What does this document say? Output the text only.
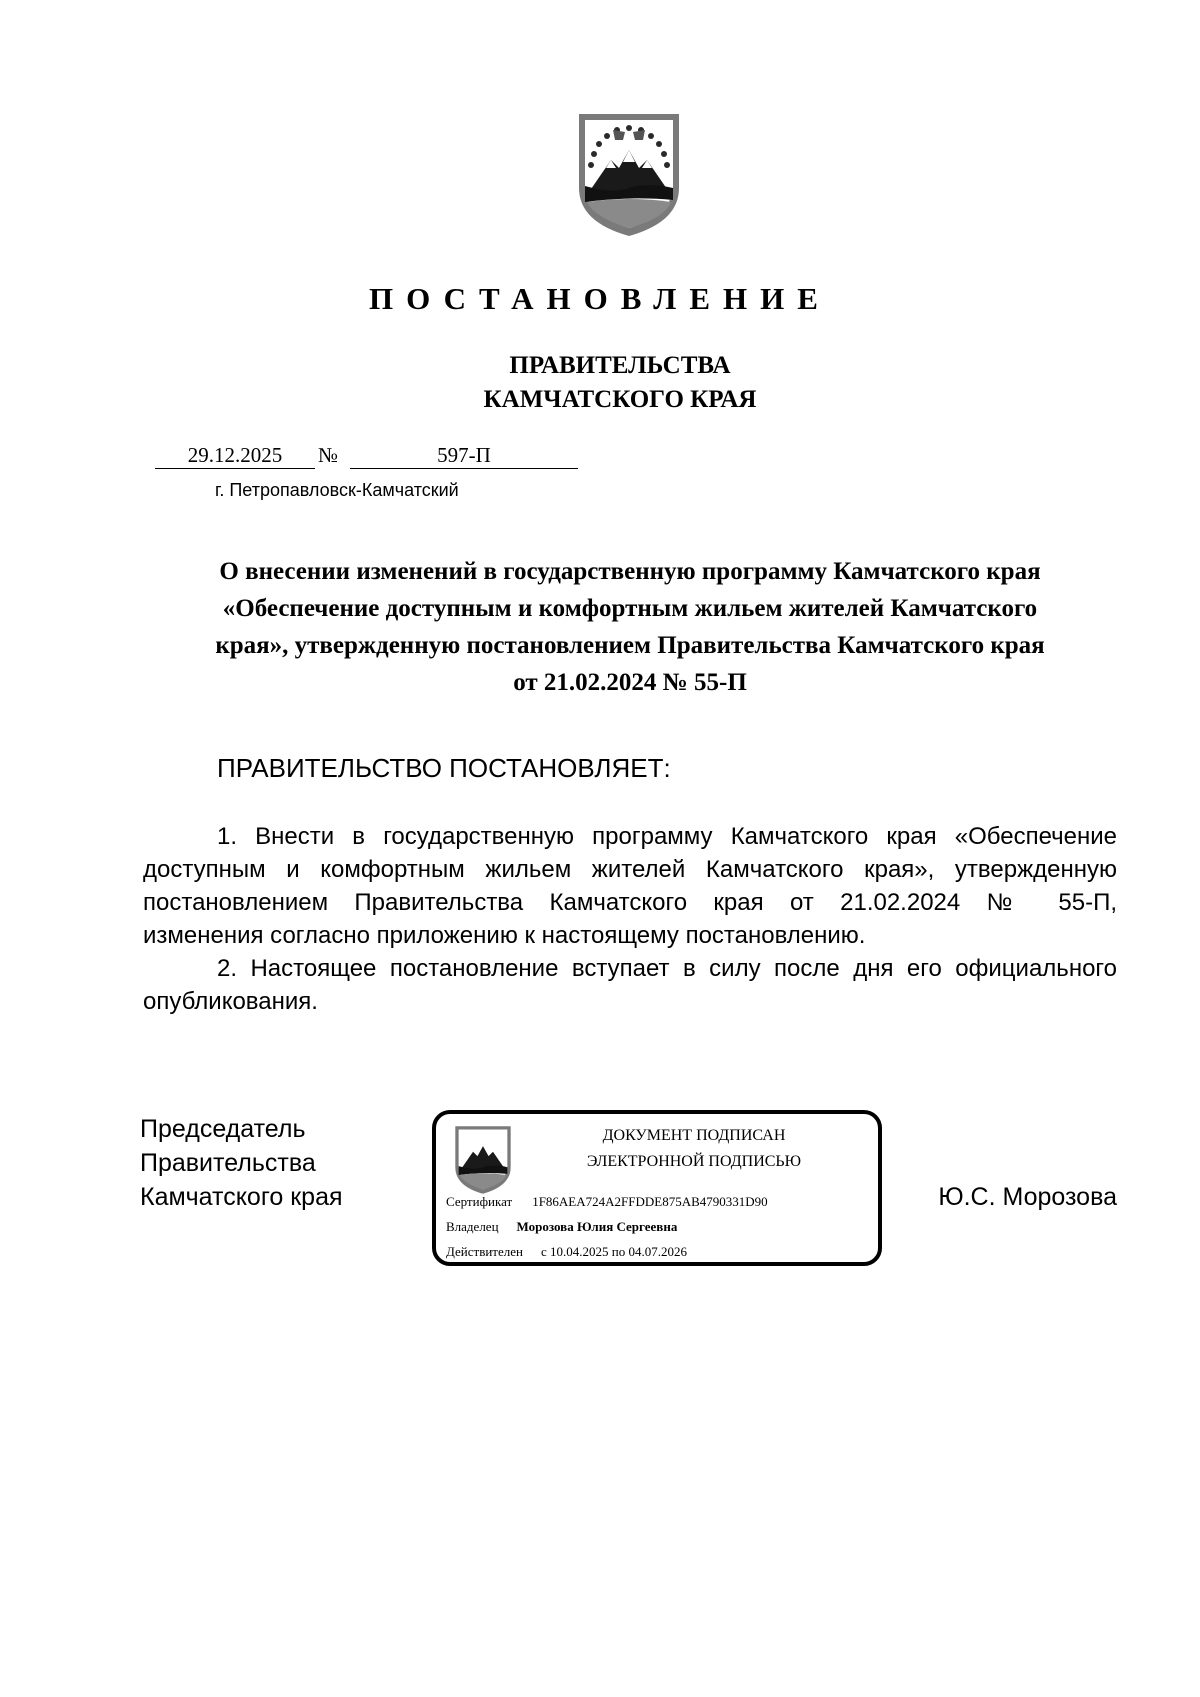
ПОСТАНОВЛЕНИЕ
ПРАВИТЕЛЬСТВА
КАМЧАТСКОГО КРАЯ
29.12.2025	№	597-П
г. Петропавловск-Камчатский
О внесении изменений в государственную программу Камчатского края
«Обеспечение доступным и комфортным жильем жителей Камчатского
края», утвержденную постановлением Правительства Камчатского края
от 21.02.2024 № 55-П
ПРАВИТЕЛЬСТВО ПОСТАНОВЛЯЕТ:

1. Внести в государственную программу Камчатского края «Обеспечение

доступным и комфортным жильем жителей Камчатского края», утвержденную

постановлением Правительства Камчатского края от 21.02.2024 № 55-П,

изменения согласно приложению к настоящему постановлению.

2. Настоящее постановление вступает в силу после дня его официального

опубликования.

Председатель
Правительства
Камчатского края
ДОКУМЕНТ ПОДПИСАН
ЭЛЕКТРОННОЙ ПОДПИСЬЮ
Сертификат 1F86AEA724A2FFDDE875AB4790331D90
Владелец Морозова Юлия Сергеевна
Действителен с 10.04.2025 по 04.07.2026
Ю.С. Морозова
